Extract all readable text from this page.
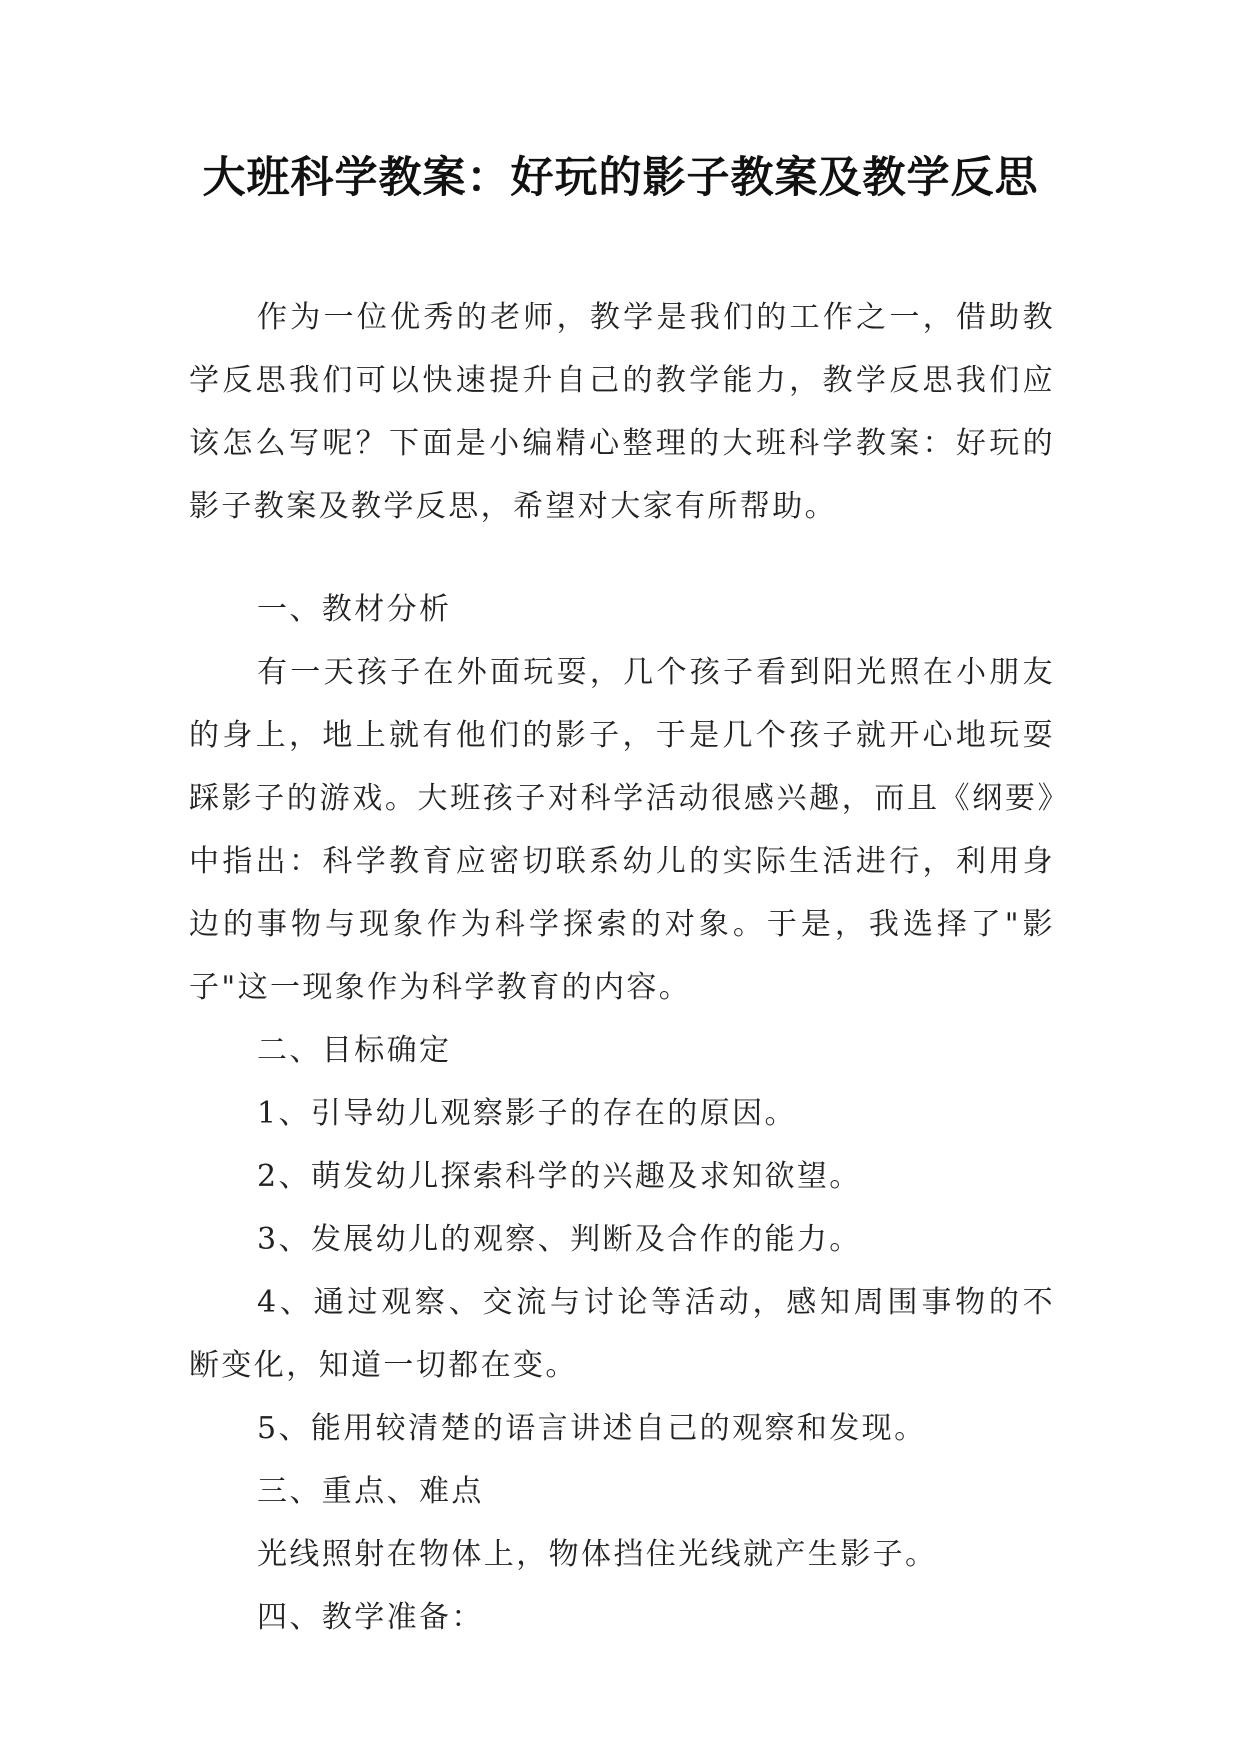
大班科学教案：好玩的影子教案及教学反思

作为一位优秀的老师，教学是我们的工作之一，借助教学反思我们可以快速提升自己的教学能力，教学反思我们应该怎么写呢？下面是小编精心整理的大班科学教案：好玩的影子教案及教学反思，希望对大家有所帮助。

一、教材分析

有一天孩子在外面玩耍，几个孩子看到阳光照在小朋友的身上，地上就有他们的影子，于是几个孩子就开心地玩耍踩影子的游戏。大班孩子对科学活动很感兴趣，而且《纲要》中指出：科学教育应密切联系幼儿的实际生活进行，利用身边的事物与现象作为科学探索的对象。于是，我选择了"影子"这一现象作为科学教育的内容。

二、目标确定

1、引导幼儿观察影子的存在的原因。

2、萌发幼儿探索科学的兴趣及求知欲望。

3、发展幼儿的观察、判断及合作的能力。

4、通过观察、交流与讨论等活动，感知周围事物的不断变化，知道一切都在变。

5、能用较清楚的语言讲述自己的观察和发现。

三、重点、难点

光线照射在物体上，物体挡住光线就产生影子。

四、教学准备：
